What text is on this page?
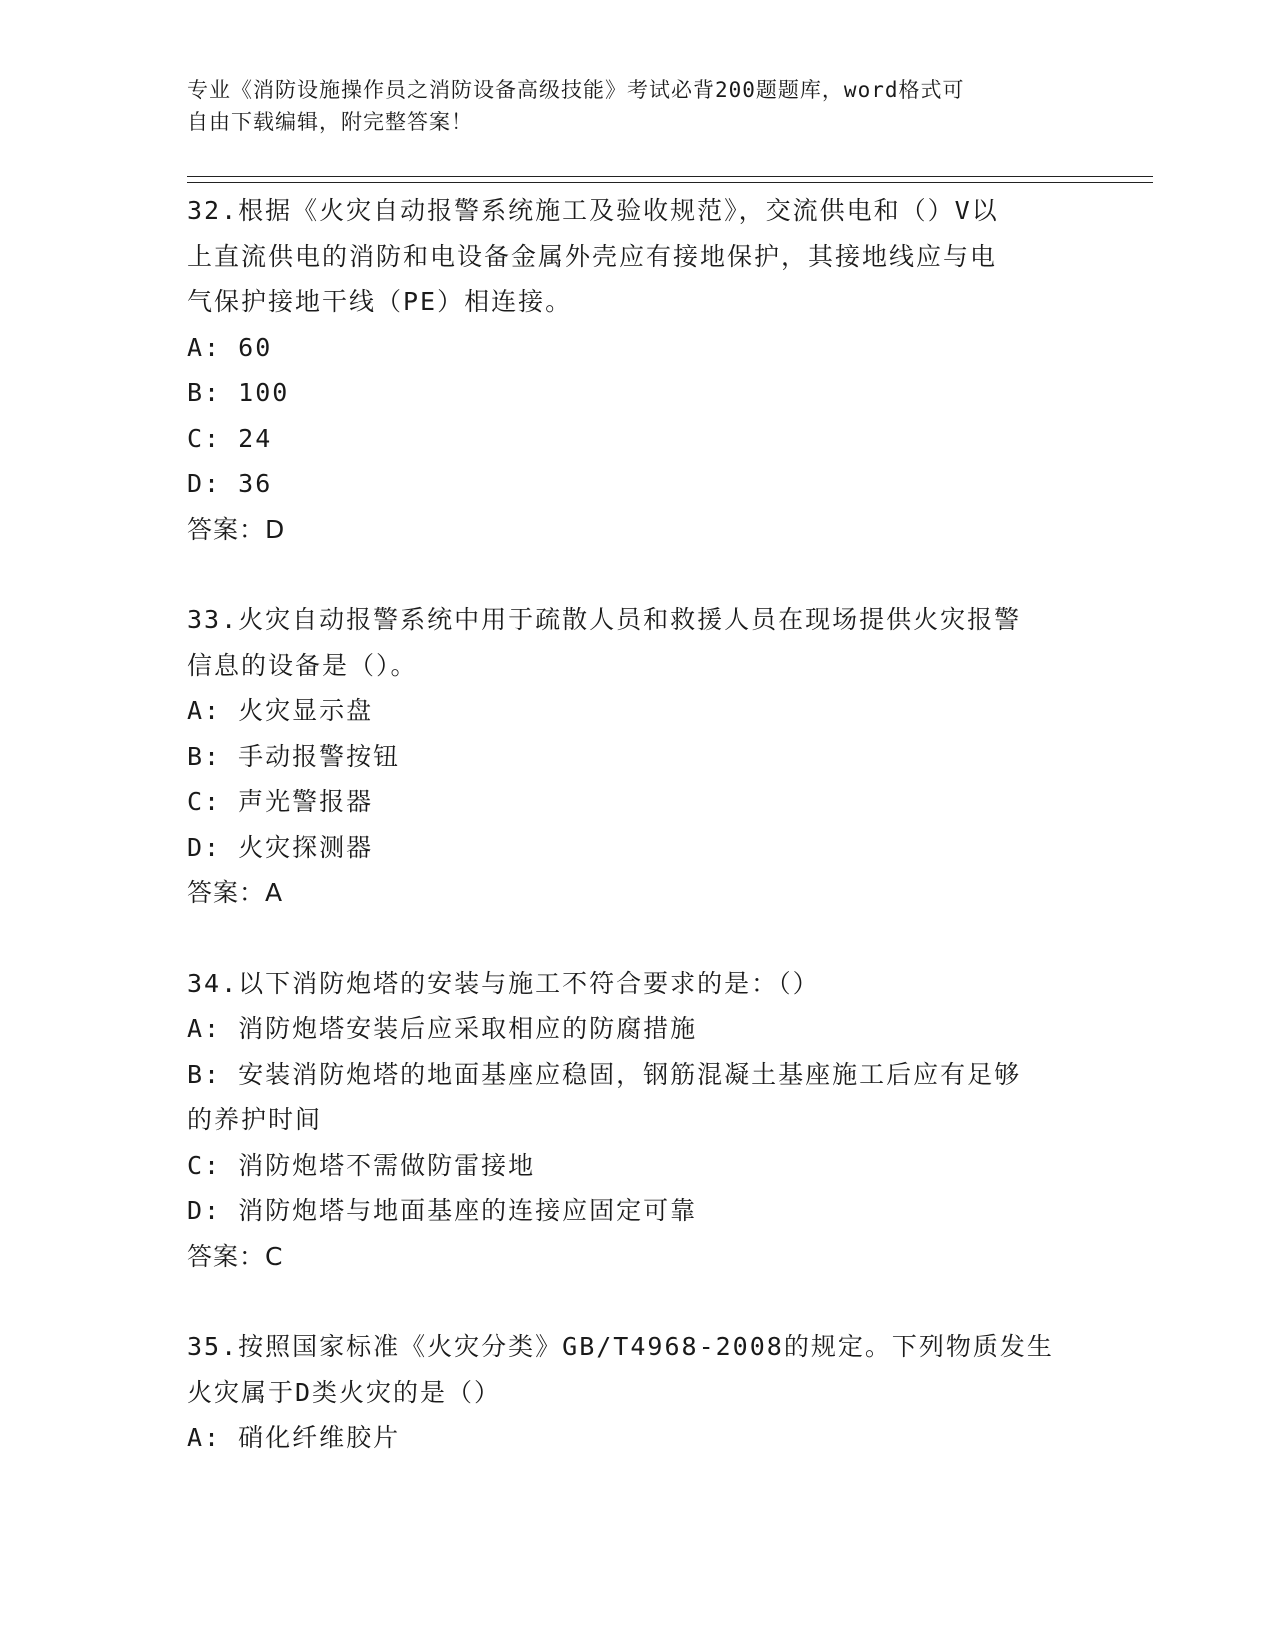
专业《消防设施操作员之消防设备高级技能》考试必背200题题库，word格式可
自由下载编辑，附完整答案！
32.根据《火灾自动报警系统施工及验收规范》，交流供电和（）V以
上直流供电的消防和电设备金属外壳应有接地保护，其接地线应与电
气保护接地干线（PE）相连接。
A: 60
B: 100
C: 24
D: 36
答案：D
33.火灾自动报警系统中用于疏散人员和救援人员在现场提供火灾报警
信息的设备是（）。
A: 火灾显示盘
B: 手动报警按钮
C: 声光警报器
D: 火灾探测器
答案：A
34.以下消防炮塔的安装与施工不符合要求的是：（）
A: 消防炮塔安装后应采取相应的防腐措施
B: 安装消防炮塔的地面基座应稳固，钢筋混凝土基座施工后应有足够
的养护时间
C: 消防炮塔不需做防雷接地
D: 消防炮塔与地面基座的连接应固定可靠
答案：C
35.按照国家标准《火灾分类》GB/T4968-2008的规定。下列物质发生
火灾属于D类火灾的是（）
A: 硝化纤维胶片
